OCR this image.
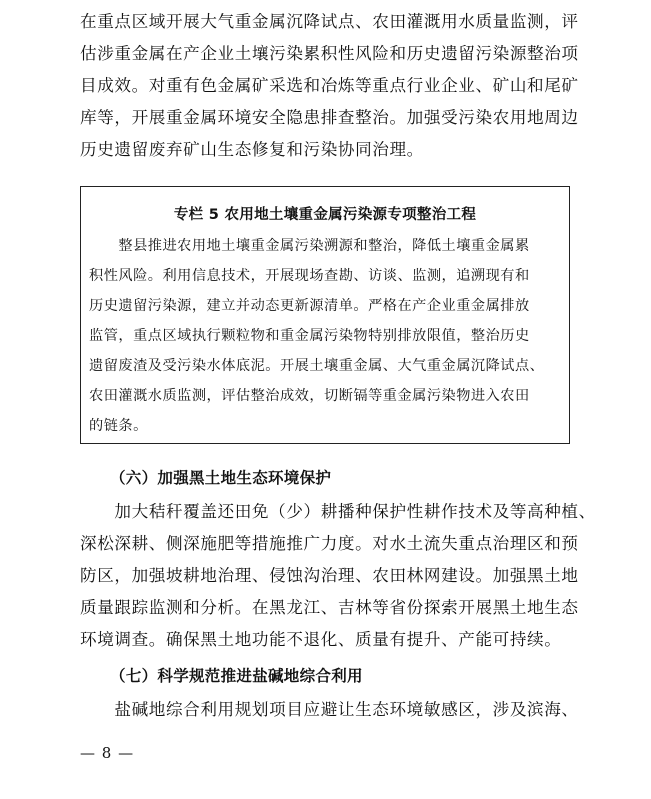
在重点区域开展大气重金属沉降试点、农田灌溉用水质量监测，评
估涉重金属在产企业土壤污染累积性风险和历史遗留污染源整治项
目成效。对重有色金属矿采选和冶炼等重点行业企业、矿山和尾矿
库等，开展重金属环境安全隐患排查整治。加强受污染农用地周边
历史遗留废弃矿山生态修复和污染协同治理。
专栏 5 农用地土壤重金属污染源专项整治工程
　　整县推进农用地土壤重金属污染溯源和整治，降低土壤重金属累
积性风险。利用信息技术，开展现场查勘、访谈、监测，追溯现有和
历史遗留污染源，建立并动态更新源清单。严格在产企业重金属排放
监管，重点区域执行颗粒物和重金属污染物特别排放限值，整治历史
遗留废渣及受污染水体底泥。开展土壤重金属、大气重金属沉降试点、
农田灌溉水质监测，评估整治成效，切断镉等重金属污染物进入农田
的链条。
（六）加强黑土地生态环境保护
　　加大秸秆覆盖还田免（少）耕播种保护性耕作技术及等高种植、
深松深耕、侧深施肥等措施推广力度。对水土流失重点治理区和预
防区，加强坡耕地治理、侵蚀沟治理、农田林网建设。加强黑土地
质量跟踪监测和分析。在黑龙江、吉林等省份探索开展黑土地生态
环境调查。确保黑土地功能不退化、质量有提升、产能可持续。
（七）科学规范推进盐碱地综合利用
　　盐碱地综合利用规划项目应避让生态环境敏感区，涉及滨海、
— 8 —
